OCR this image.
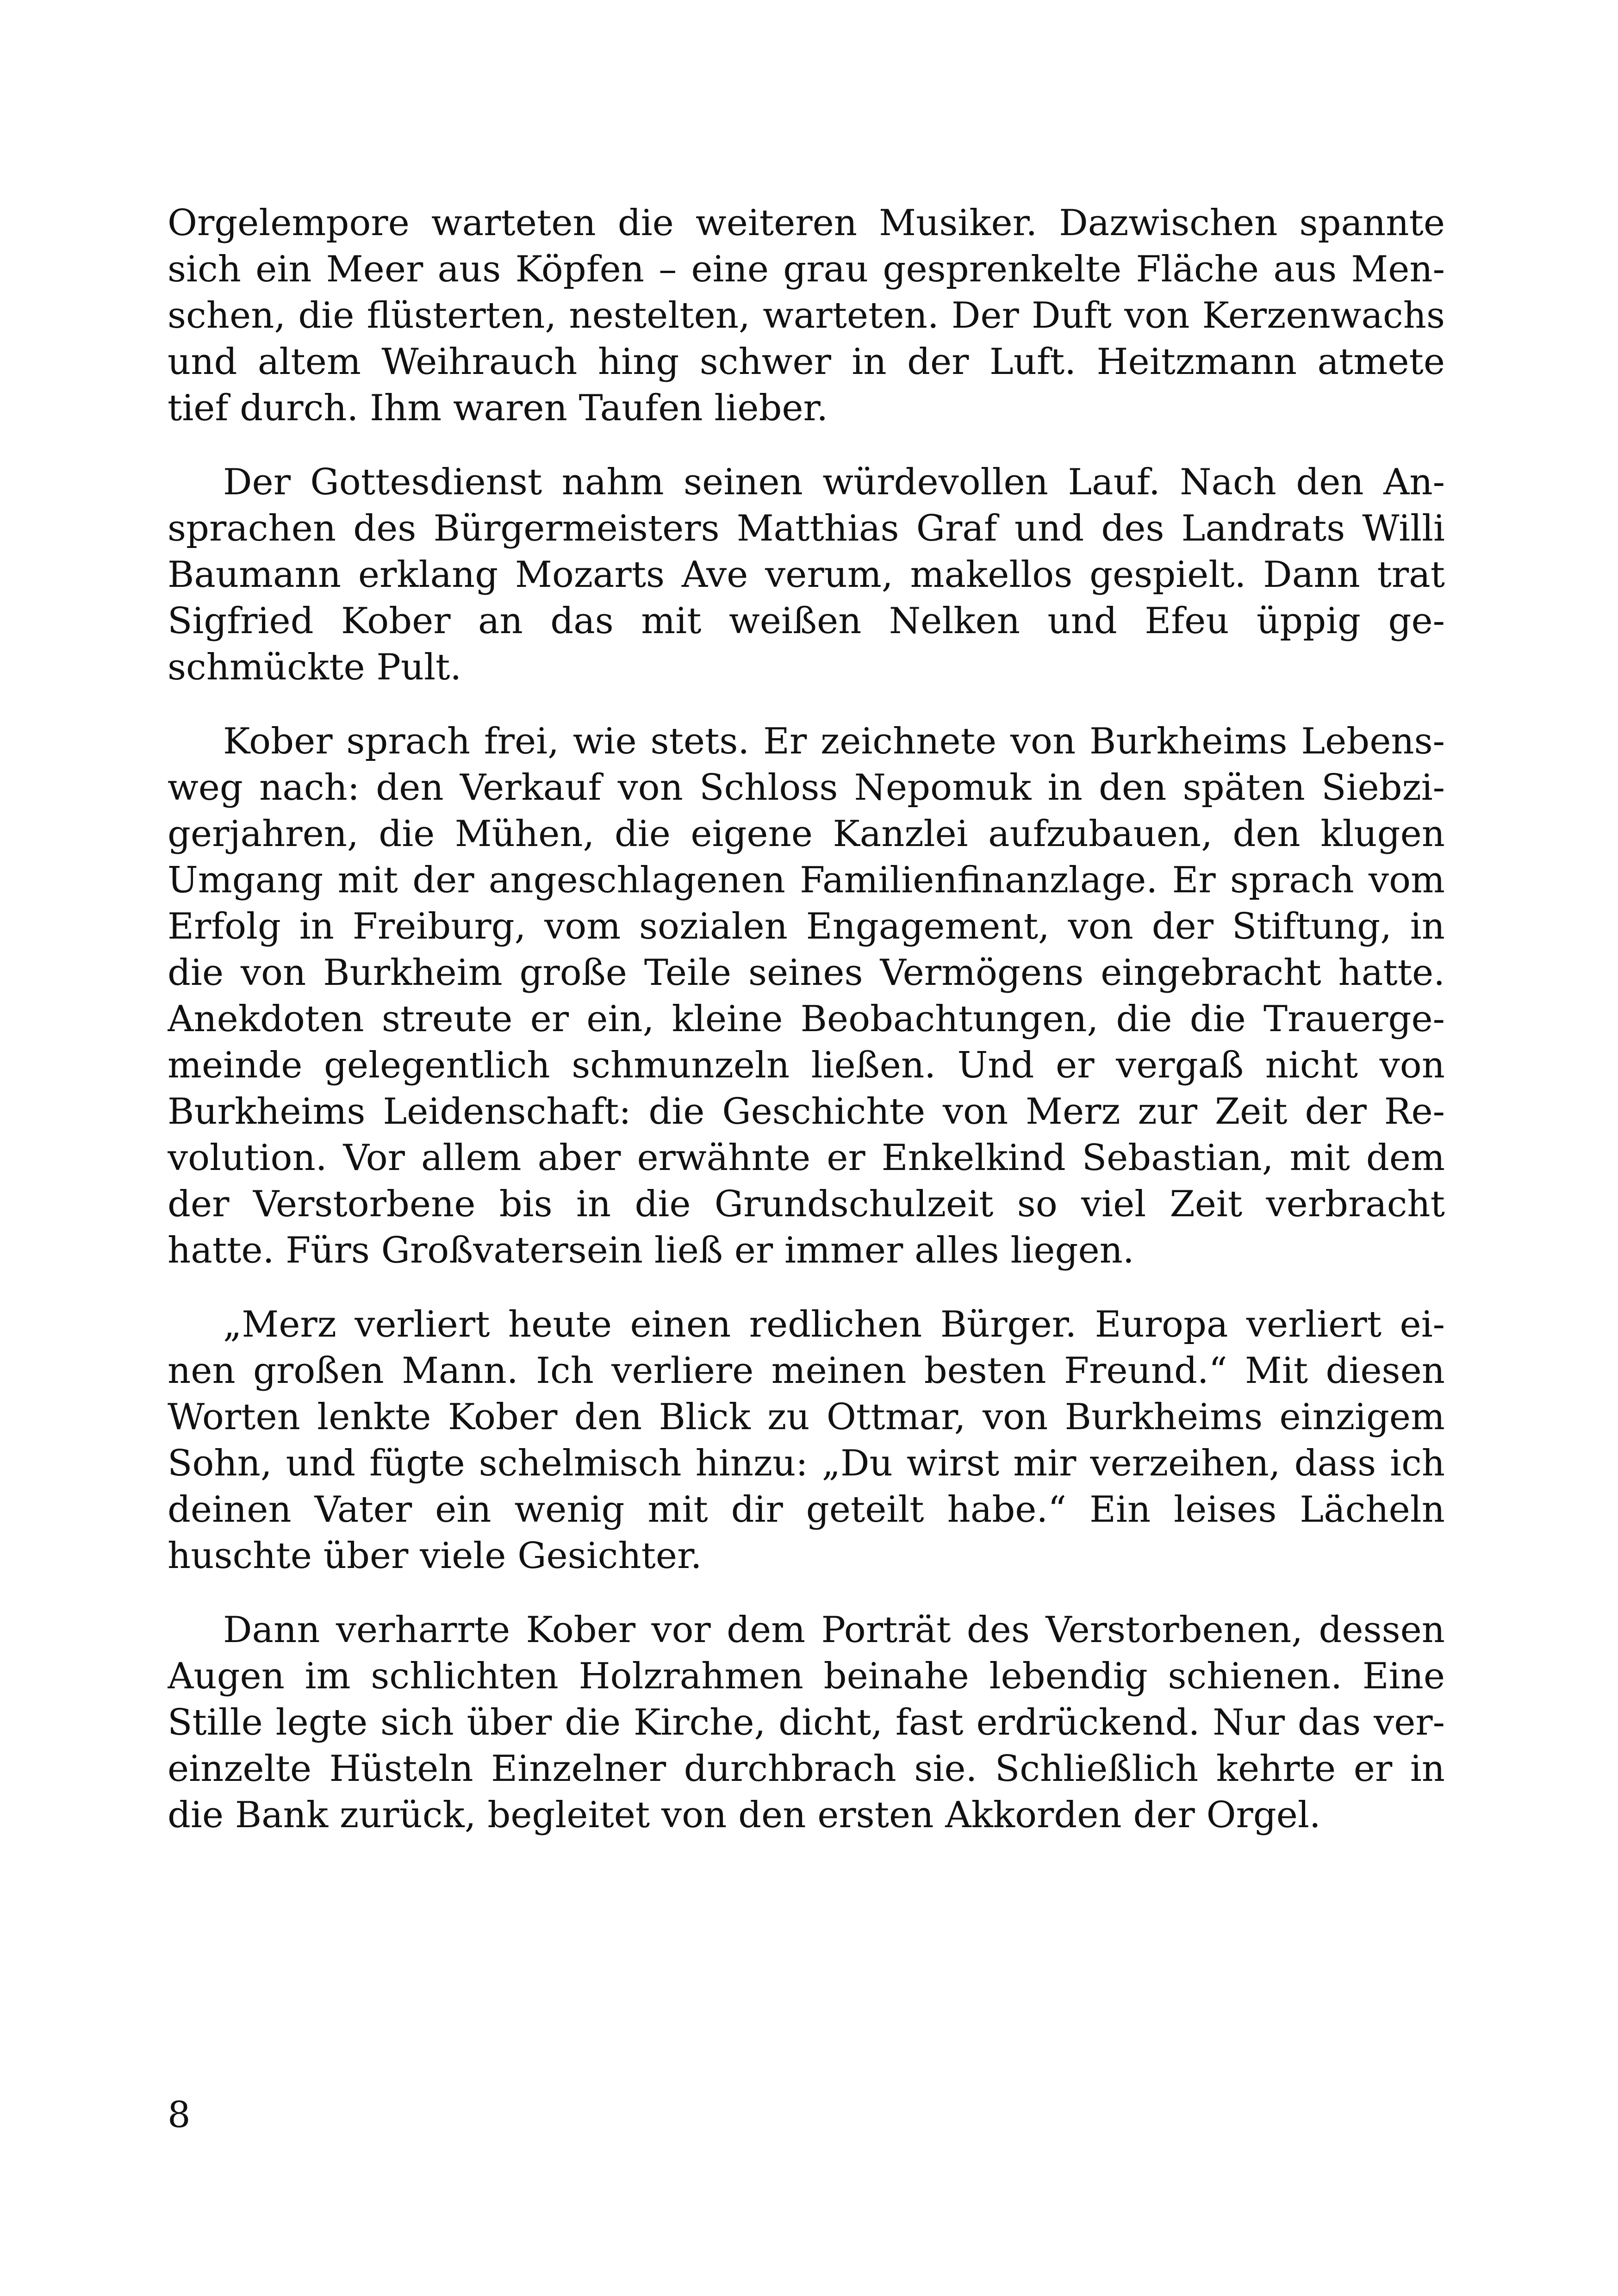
Orgelempore warteten die weiteren Musiker. Dazwischen spannte
sich ein Meer aus Köpfen – eine grau gesprenkelte Fläche aus Men-
schen, die flüsterten, nestelten, warteten. Der Duft von Kerzenwachs
und altem Weihrauch hing schwer in der Luft. Heitzmann atmete
tief durch. Ihm waren Taufen lieber.
Der Gottesdienst nahm seinen würdevollen Lauf. Nach den An-
sprachen des Bürgermeisters Matthias Graf und des Landrats Willi
Baumann erklang Mozarts Ave verum, makellos gespielt. Dann trat
Sigfried Kober an das mit weißen Nelken und Efeu üppig ge-
schmückte Pult.
Kober sprach frei, wie stets. Er zeichnete von Burkheims Lebens-
weg nach: den Verkauf von Schloss Nepomuk in den späten Siebzi-
gerjahren, die Mühen, die eigene Kanzlei aufzubauen, den klugen
Umgang mit der angeschlagenen Familienfinanzlage. Er sprach vom
Erfolg in Freiburg, vom sozialen Engagement, von der Stiftung, in
die von Burkheim große Teile seines Vermögens eingebracht hatte.
Anekdoten streute er ein, kleine Beobachtungen, die die Trauerge-
meinde gelegentlich schmunzeln ließen. Und er vergaß nicht von
Burkheims Leidenschaft: die Geschichte von Merz zur Zeit der Re-
volution. Vor allem aber erwähnte er Enkelkind Sebastian, mit dem
der Verstorbene bis in die Grundschulzeit so viel Zeit verbracht
hatte. Fürs Großvatersein ließ er immer alles liegen.
„Merz verliert heute einen redlichen Bürger. Europa verliert ei-
nen großen Mann. Ich verliere meinen besten Freund.“ Mit diesen
Worten lenkte Kober den Blick zu Ottmar, von Burkheims einzigem
Sohn, und fügte schelmisch hinzu: „Du wirst mir verzeihen, dass ich
deinen Vater ein wenig mit dir geteilt habe.“ Ein leises Lächeln
huschte über viele Gesichter.
Dann verharrte Kober vor dem Porträt des Verstorbenen, dessen
Augen im schlichten Holzrahmen beinahe lebendig schienen. Eine
Stille legte sich über die Kirche, dicht, fast erdrückend. Nur das ver-
einzelte Hüsteln Einzelner durchbrach sie. Schließlich kehrte er in
die Bank zurück, begleitet von den ersten Akkorden der Orgel.
8
